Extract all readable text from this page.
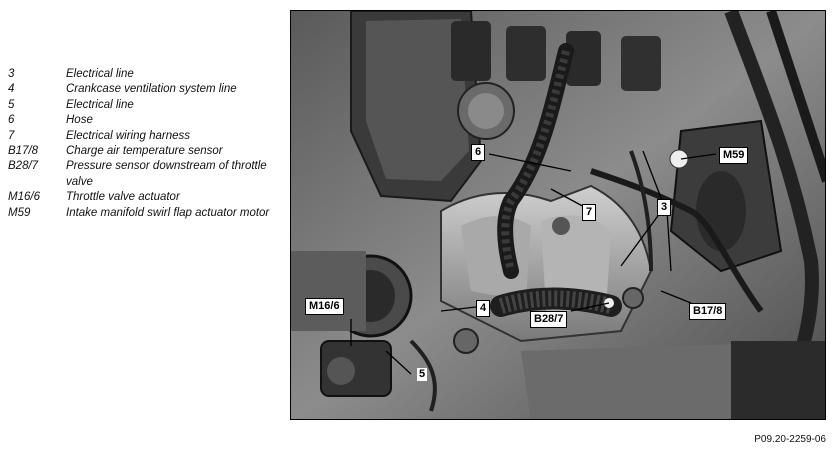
3	Electrical line
4	Crankcase ventilation system line
5	Electrical line
6	Hose
7	Electrical wiring harness
B17/8	Charge air temperature sensor
B28/7	Pressure sensor downstream of throttle valve
M16/6	Throttle valve actuator
M59	Intake manifold swirl flap actuator motor
6
7	3
4
5
M59
M16/6
B28/7
B17/8
P09.20-2259-06
